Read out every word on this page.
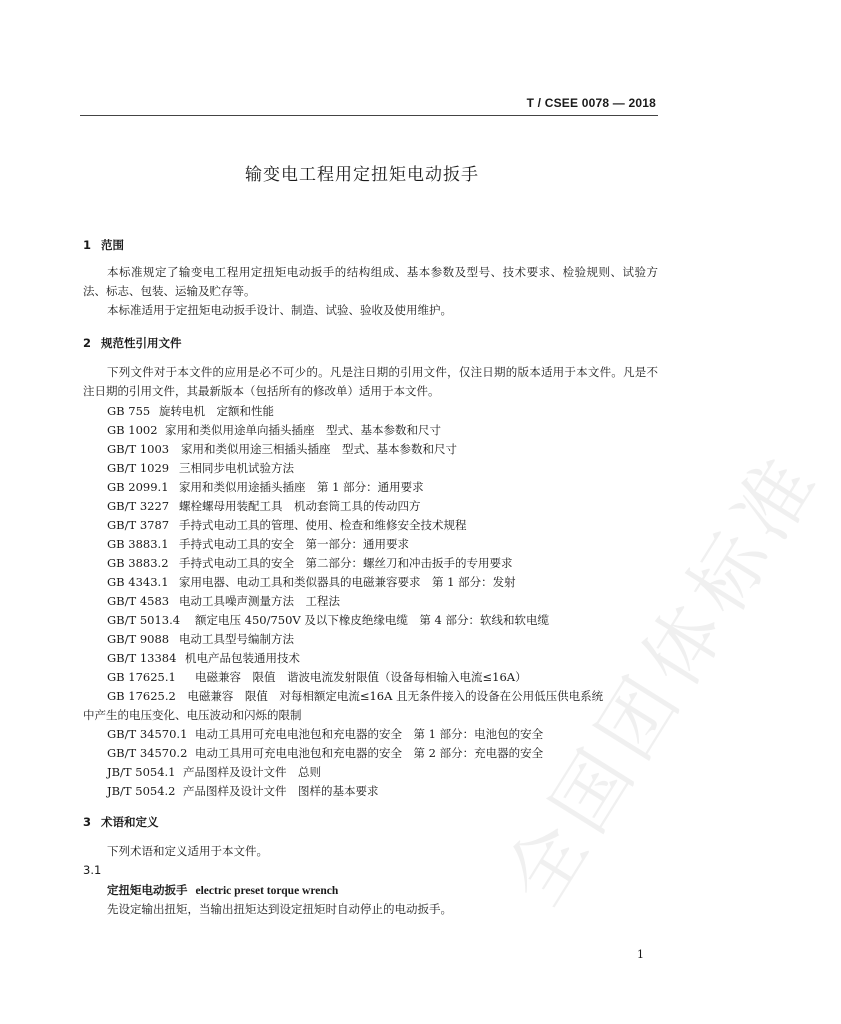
全国团体标准
T / CSEE 0078 — 2018
输变电工程用定扭矩电动扳手
1 范围
本标准规定了输变电工程用定扭矩电动扳手的结构组成、基本参数及型号、技术要求、检验规则、试验方法、标志、包装、运输及贮存等。
本标准适用于定扭矩电动扳手设计、制造、试验、验收及使用维护。
2 规范性引用文件
下列文件对于本文件的应用是必不可少的。凡是注日期的引用文件，仅注日期的版本适用于本文件。凡是不注日期的引用文件，其最新版本（包括所有的修改单）适用于本文件。
GB 755 旋转电机　定额和性能
GB 1002 家用和类似用途单向插头插座　型式、基本参数和尺寸
GB/T 1003 家用和类似用途三相插头插座　型式、基本参数和尺寸
GB/T 1029 三相同步电机试验方法
GB 2099.1 家用和类似用途插头插座　第 1 部分：通用要求
GB/T 3227 螺栓螺母用装配工具　机动套筒工具的传动四方
GB/T 3787 手持式电动工具的管理、使用、检查和维修安全技术规程
GB 3883.1 手持式电动工具的安全　第一部分：通用要求
GB 3883.2 手持式电动工具的安全　第二部分：螺丝刀和冲击扳手的专用要求
GB 4343.1 家用电器、电动工具和类似器具的电磁兼容要求　第 1 部分：发射
GB/T 4583 电动工具噪声测量方法　工程法
GB/T 5013.4 额定电压 450/750V 及以下橡皮绝缘电缆　第 4 部分：软线和软电缆
GB/T 9088 电动工具型号编制方法
GB/T 13384 机电产品包装通用技术
GB 17625.1 电磁兼容　限值　谐波电流发射限值（设备每相输入电流≤16A）
GB 17625.2　电磁兼容　限值　对每相额定电流≤16A 且无条件接入的设备在公用低压供电系统
中产生的电压变化、电压波动和闪烁的限制
GB/T 34570.1 电动工具用可充电电池包和充电器的安全　第 1 部分：电池包的安全
GB/T 34570.2 电动工具用可充电电池包和充电器的安全　第 2 部分：充电器的安全
JB/T 5054.1 产品图样及设计文件　总则
JB/T 5054.2 产品图样及设计文件　图样的基本要求
3 术语和定义
下列术语和定义适用于本文件。
3.1
定扭矩电动扳手 electric preset torque wrench
先设定输出扭矩，当输出扭矩达到设定扭矩时自动停止的电动扳手。
1
